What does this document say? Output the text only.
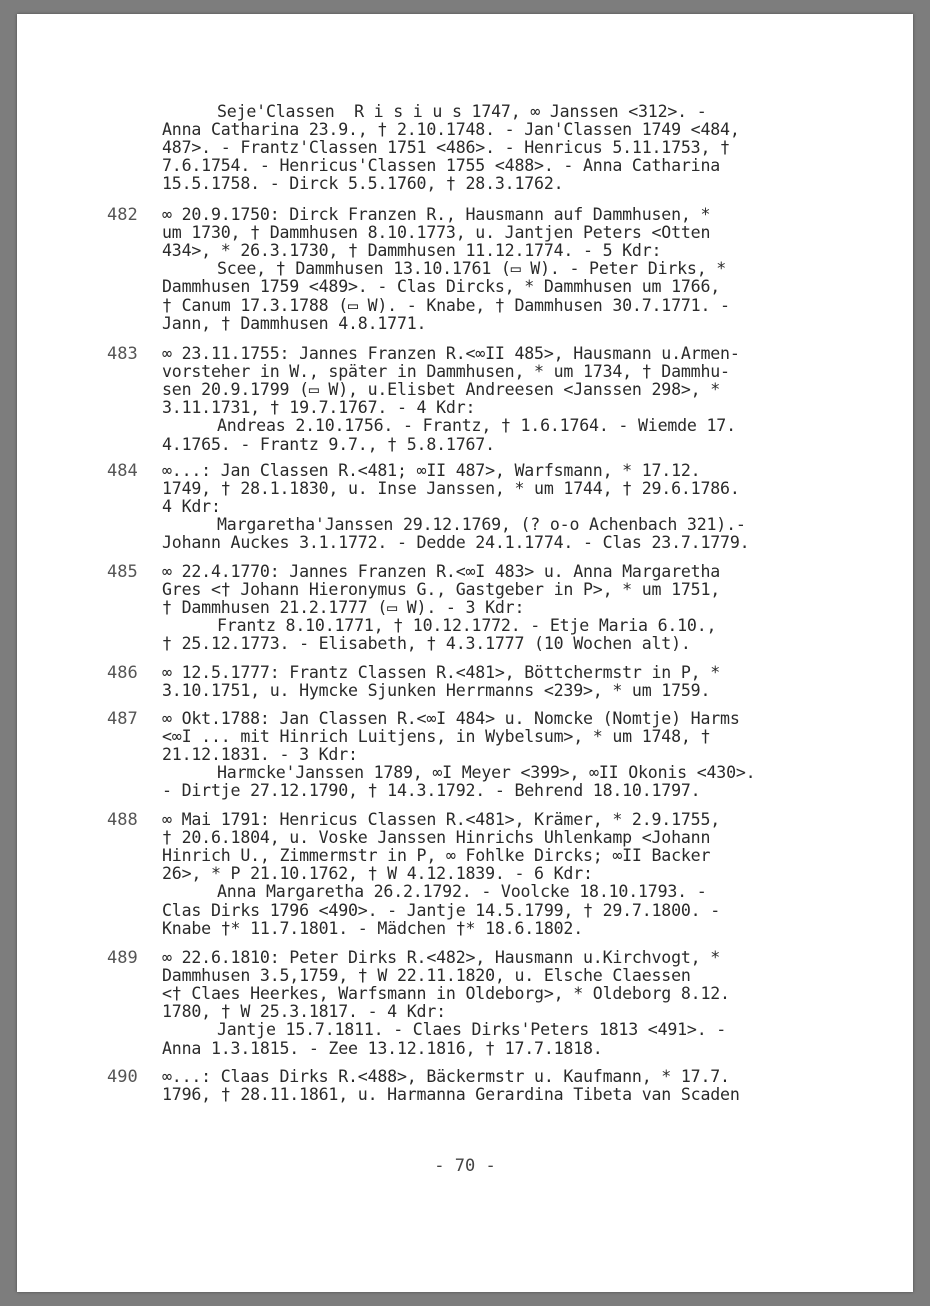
Seje'Classen  R i s i u s 1747, ∞ Janssen <312>. -
Anna Catharina 23.9., † 2.10.1748. - Jan'Classen 1749 <484,
487>. - Frantz'Classen 1751 <486>. - Henricus 5.11.1753, †
7.6.1754. - Henricus'Classen 1755 <488>. - Anna Catharina
15.5.1758. - Dirck 5.5.1760, † 28.3.1762.
482	∞ 20.9.1750: Dirck Franzen R., Hausmann auf Dammhusen, *
um 1730, † Dammhusen 8.10.1773, u. Jantjen Peters <Otten
434>, * 26.3.1730, † Dammhusen 11.12.1774. - 5 Kdr:
Scee, † Dammhusen 13.10.1761 (▭ W). - Peter Dirks, *
Dammhusen 1759 <489>. - Clas Dircks, * Dammhusen um 1766,
† Canum 17.3.1788 (▭ W). - Knabe, † Dammhusen 30.7.1771. -
Jann, † Dammhusen 4.8.1771.
483	∞ 23.11.1755: Jannes Franzen R.<∞II 485>, Hausmann u.Armen-
vorsteher in W., später in Dammhusen, * um 1734, † Dammhu-
sen 20.9.1799 (▭ W), u.Elisbet Andreesen <Janssen 298>, *
3.11.1731, † 19.7.1767. - 4 Kdr:
Andreas 2.10.1756. - Frantz, † 1.6.1764. - Wiemde 17.
4.1765. - Frantz 9.7., † 5.8.1767.
484	∞...: Jan Classen R.<481; ∞II 487>, Warfsmann, * 17.12.
1749, † 28.1.1830, u. Inse Janssen, * um 1744, † 29.6.1786.
4 Kdr:
Margaretha'Janssen 29.12.1769, (? o-o Achenbach 321).-
Johann Auckes 3.1.1772. - Dedde 24.1.1774. - Clas 23.7.1779.
485	∞ 22.4.1770: Jannes Franzen R.<∞I 483> u. Anna Margaretha
Gres <† Johann Hieronymus G., Gastgeber in P>, * um 1751,
† Dammhusen 21.2.1777 (▭ W). - 3 Kdr:
Frantz 8.10.1771, † 10.12.1772. - Etje Maria 6.10.,
† 25.12.1773. - Elisabeth, † 4.3.1777 (10 Wochen alt).
486	∞ 12.5.1777: Frantz Classen R.<481>, Böttchermstr in P, *
3.10.1751, u. Hymcke Sjunken Herrmanns <239>, * um 1759.
487	∞ Okt.1788: Jan Classen R.<∞I 484> u. Nomcke (Nomtje) Harms
<∞I ... mit Hinrich Luitjens, in Wybelsum>, * um 1748, †
21.12.1831. - 3 Kdr:
Harmcke'Janssen 1789, ∞I Meyer <399>, ∞II Okonis <430>.
- Dirtje 27.12.1790, † 14.3.1792. - Behrend 18.10.1797.
488	∞ Mai 1791: Henricus Classen R.<481>, Krämer, * 2.9.1755,
† 20.6.1804, u. Voske Janssen Hinrichs Uhlenkamp <Johann
Hinrich U., Zimmermstr in P, ∞ Fohlke Dircks; ∞II Backer
26>, * P 21.10.1762, † W 4.12.1839. - 6 Kdr:
Anna Margaretha 26.2.1792. - Voolcke 18.10.1793. -
Clas Dirks 1796 <490>. - Jantje 14.5.1799, † 29.7.1800. -
Knabe †* 11.7.1801. - Mädchen †* 18.6.1802.
489	∞ 22.6.1810: Peter Dirks R.<482>, Hausmann u.Kirchvogt, *
Dammhusen 3.5,1759, † W 22.11.1820, u. Elsche Claessen
<† Claes Heerkes, Warfsmann in Oldeborg>, * Oldeborg 8.12.
1780, † W 25.3.1817. - 4 Kdr:
Jantje 15.7.1811. - Claes Dirks'Peters 1813 <491>. -
Anna 1.3.1815. - Zee 13.12.1816, † 17.7.1818.
490	∞...: Claas Dirks R.<488>, Bäckermstr u. Kaufmann, * 17.7.
1796, † 28.11.1861, u. Harmanna Gerardina Tibeta van Scaden
- 70 -
